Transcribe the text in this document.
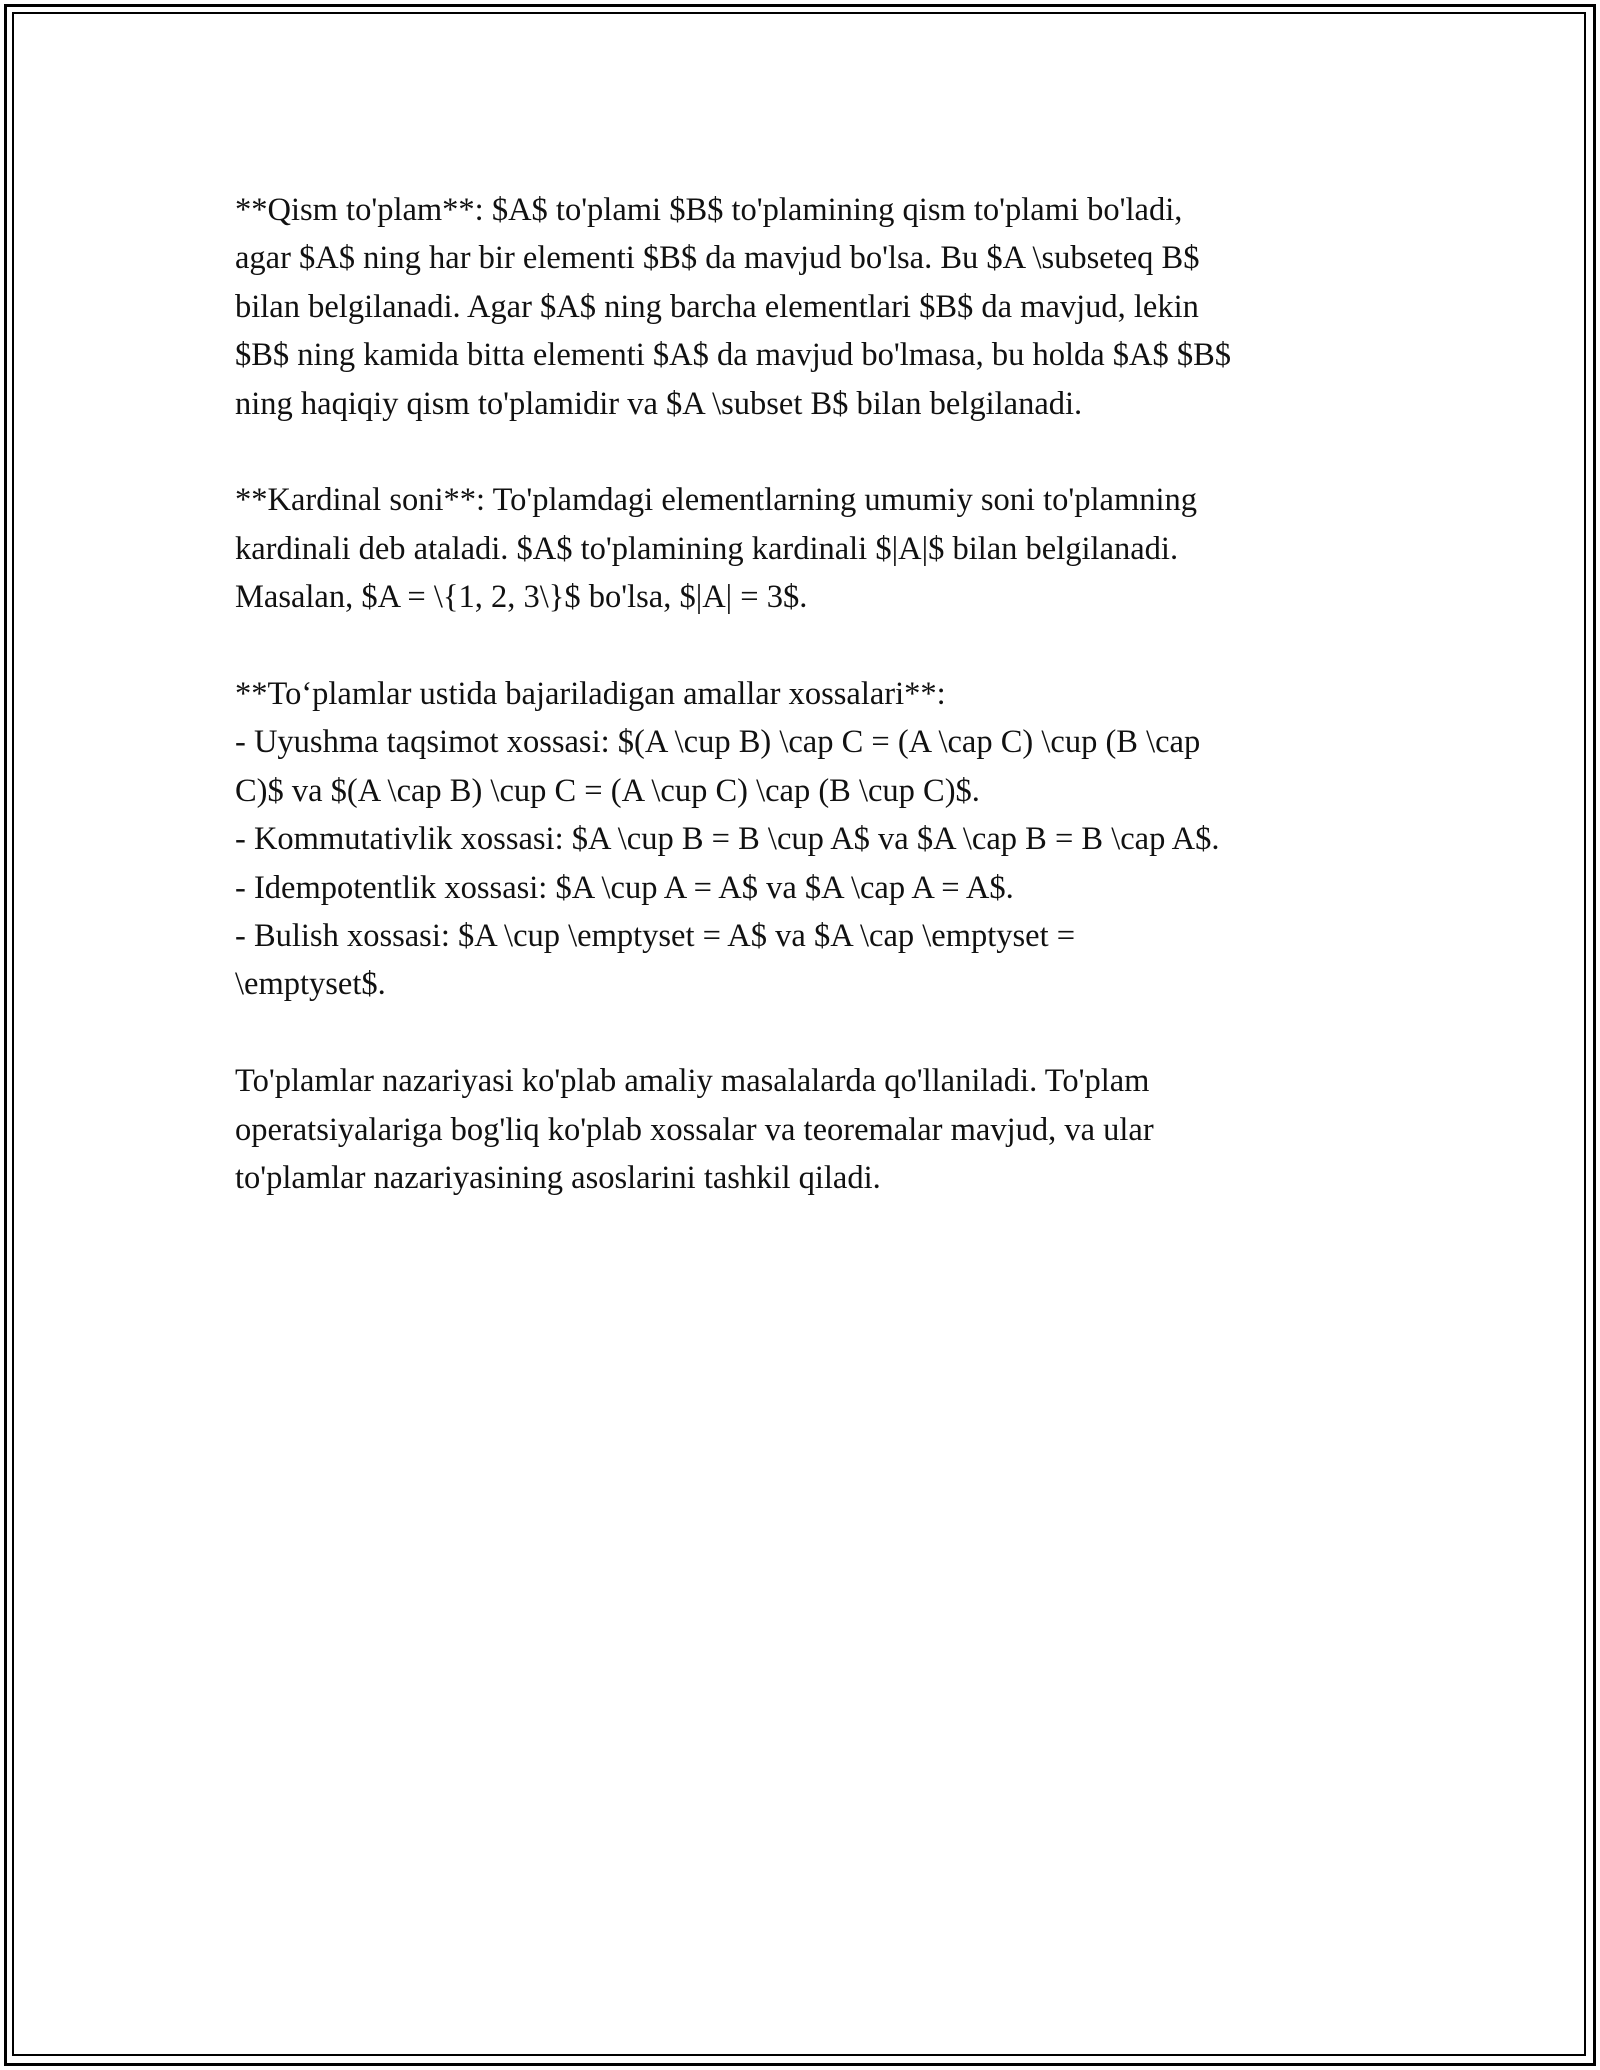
**Qism to'plam**: $A$ to'plami $B$ to'plamining qism to'plami bo'ladi,
agar $A$ ning har bir elementi $B$ da mavjud bo'lsa. Bu $A \subseteq B$
bilan belgilanadi. Agar $A$ ning barcha elementlari $B$ da mavjud, lekin
$B$ ning kamida bitta elementi $A$ da mavjud bo'lmasa, bu holda $A$ $B$
ning haqiqiy qism to'plamidir va $A \subset B$ bilan belgilanadi.

**Kardinal soni**: To'plamdagi elementlarning umumiy soni to'plamning
kardinali deb ataladi. $A$ to'plamining kardinali $|A|$ bilan belgilanadi.
Masalan, $A = \{1, 2, 3\}$ bo'lsa, $|A| = 3$.

**To‘plamlar ustida bajariladigan amallar xossalari**:
- Uyushma taqsimot xossasi: $(A \cup B) \cap C = (A \cap C) \cup (B \cap
C)$ va $(A \cap B) \cup C = (A \cup C) \cap (B \cup C)$.
- Kommutativlik xossasi: $A \cup B = B \cup A$ va $A \cap B = B \cap A$.
- Idempotentlik xossasi: $A \cup A = A$ va $A \cap A = A$.
- Bulish xossasi: $A \cup \emptyset = A$ va $A \cap \emptyset =
\emptyset$.

To'plamlar nazariyasi ko'plab amaliy masalalarda qo'llaniladi. To'plam
operatsiyalariga bog'liq ko'plab xossalar va teoremalar mavjud, va ular
to'plamlar nazariyasining asoslarini tashkil qiladi.
